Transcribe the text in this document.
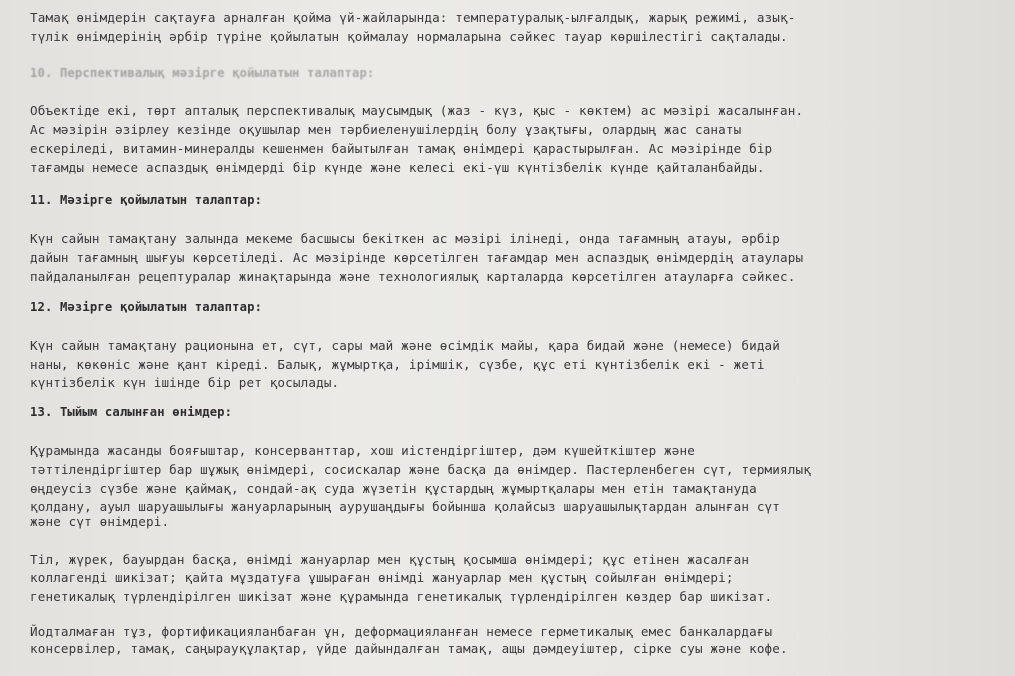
Тамақ өнімдерін сақтауға арналған қойма үй-жайларында: температуралық-ылғалдық, жарық режимі, азық-

түлік өнімдерінің әрбір түріне қойылатын қоймалау нормаларына сәйкес тауар көршілестігі сақталады.

10. Перспективалық мәзірге қойылатын талаптар:

Объектіде екі, төрт апталық перспективалық маусымдық (жаз - күз, қыс - көктем) ас мәзірі жасалынған.

Ас мәзірін әзірлеу кезінде оқушылар мен тәрбиеленушілердің болу ұзақтығы, олардың жас санаты

ескеріледі, витамин-минералды кешенмен байытылған тамақ өнімдері қарастырылған. Ас мәзірінде бір

тағамды немесе аспаздық өнімдерді бір күнде және келесі екі-үш күнтізбелік күнде қайталанбайды.

11. Мәзірге қойылатын талаптар:

Күн сайын тамақтану залында мекеме басшысы бекіткен ас мәзірі ілінеді, онда тағамның атауы, әрбір

дайын тағамның шығуы көрсетіледі. Ас мәзірінде көрсетілген тағамдар мен аспаздық өнімдердің атаулары

пайдаланылған рецептуралар жинақтарында және технологиялық карталарда көрсетілген атауларға сәйкес.

12. Мәзірге қойылатын талаптар:

Күн сайын тамақтану рационына ет, сүт, сары май және өсімдік майы, қара бидай және (немесе) бидай

наны, көкөніс және қант кіреді. Балық, жұмыртқа, ірімшік, сүзбе, құс еті күнтізбелік екі - жеті

күнтізбелік күн ішінде бір рет қосылады.

13. Тыйым салынған өнімдер:

Құрамында жасанды бояғыштар, консерванттар, хош иістендіргіштер, дәм күшейткіштер және

тәттілендіргіштер бар шұжық өнімдері, сосискалар және басқа да өнімдер. Пастерленбеген сүт, термиялық

өңдеусіз сүзбе және қаймақ, сондай-ақ суда жүзетін құстардың жұмыртқалары мен етін тамақтануда

қолдану, ауыл шаруашылығы жануарларының аурушаңдығы бойынша қолайсыз шаруашылықтардан алынған сүт

және сүт өнімдері.

Тіл, жүрек, бауырдан басқа, өнімді жануарлар мен құстың қосымша өнімдері; құс етінен жасалған

коллагенді шикізат; қайта мұздатуға ұшыраған өнімді жануарлар мен құстың сойылған өнімдері;

генетикалық түрлендірілген шикізат және құрамында генетикалық түрлендірілген көздер бар шикізат.

Йодталмаған тұз, фортификацияланбаған ұн, деформацияланған немесе герметикалық емес банкалардағы

консервілер, тамақ, саңырауқұлақтар, үйде дайындалған тамақ, ащы дәмдеуіштер, сірке суы және кофе.
